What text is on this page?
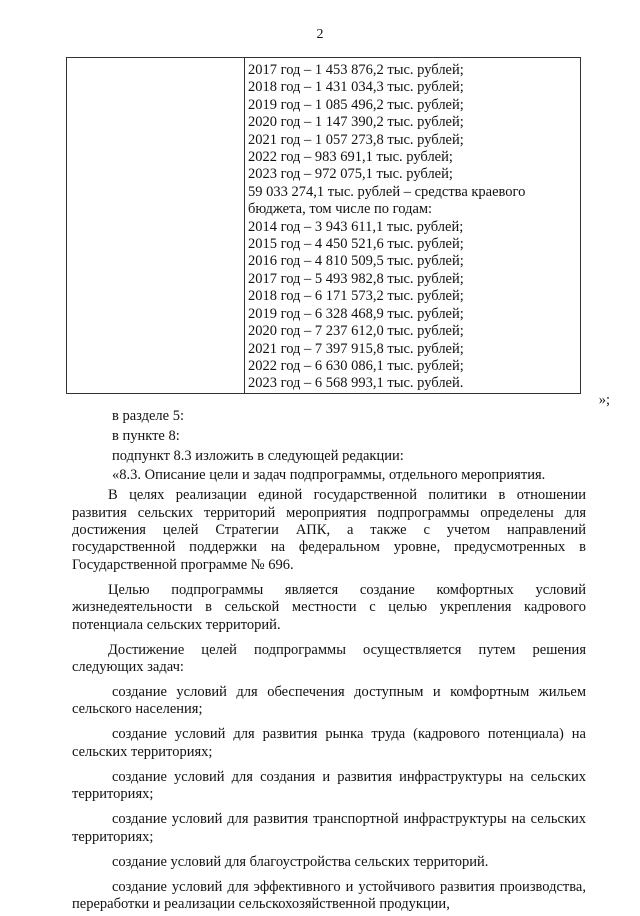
2

2017 год – 1 453 876,2 тыс. рублей;
2018 год – 1 431 034,3 тыс. рублей;
2019 год – 1 085 496,2 тыс. рублей;
2020 год – 1 147 390,2 тыс. рублей;
2021 год – 1 057 273,8 тыс. рублей;
2022 год – 983 691,1 тыс. рублей;
2023 год – 972 075,1 тыс. рублей;
59 033 274,1 тыс. рублей – средства краевого
бюджета, том числе по годам:
2014 год – 3 943 611,1 тыс. рублей;
2015 год – 4 450 521,6 тыс. рублей;
2016 год – 4 810 509,5 тыс. рублей;
2017 год – 5 493 982,8 тыс. рублей;
2018 год – 6 171 573,2 тыс. рублей;
2019 год – 6 328 468,9 тыс. рублей;
2020 год – 7 237 612,0 тыс. рублей;
2021 год – 7 397 915,8 тыс. рублей;
2022 год – 6 630 086,1 тыс. рублей;
2023 год – 6 568 993,1 тыс. рублей.
»;

в разделе 5:

в пункте 8:

подпункт 8.3 изложить в следующей редакции:

«8.3. Описание цели и задач подпрограммы, отдельного мероприятия.

В целях реализации единой государственной политики в отношении развития сельских территорий мероприятия подпрограммы определены для достижения целей Стратегии АПК, а также с учетом направлений государственной поддержки на федеральном уровне, предусмотренных в Государственной программе № 696.

Целью подпрограммы является создание комфортных условий жизнедеятельности в сельской местности с целью укрепления кадрового потенциала сельских территорий.

Достижение целей подпрограммы осуществляется путем решения следующих задач:

создание условий для обеспечения доступным и комфортным жильем сельского населения;

создание условий для развития рынка труда (кадрового потенциала) на сельских территориях;

создание условий для создания и развития инфраструктуры на сельских территориях;

создание условий для развития транспортной инфраструктуры на сельских территориях;

создание условий для благоустройства сельских территорий.

создание условий для эффективного и устойчивого развития производства, переработки и реализации сельскохозяйственной продукции,
